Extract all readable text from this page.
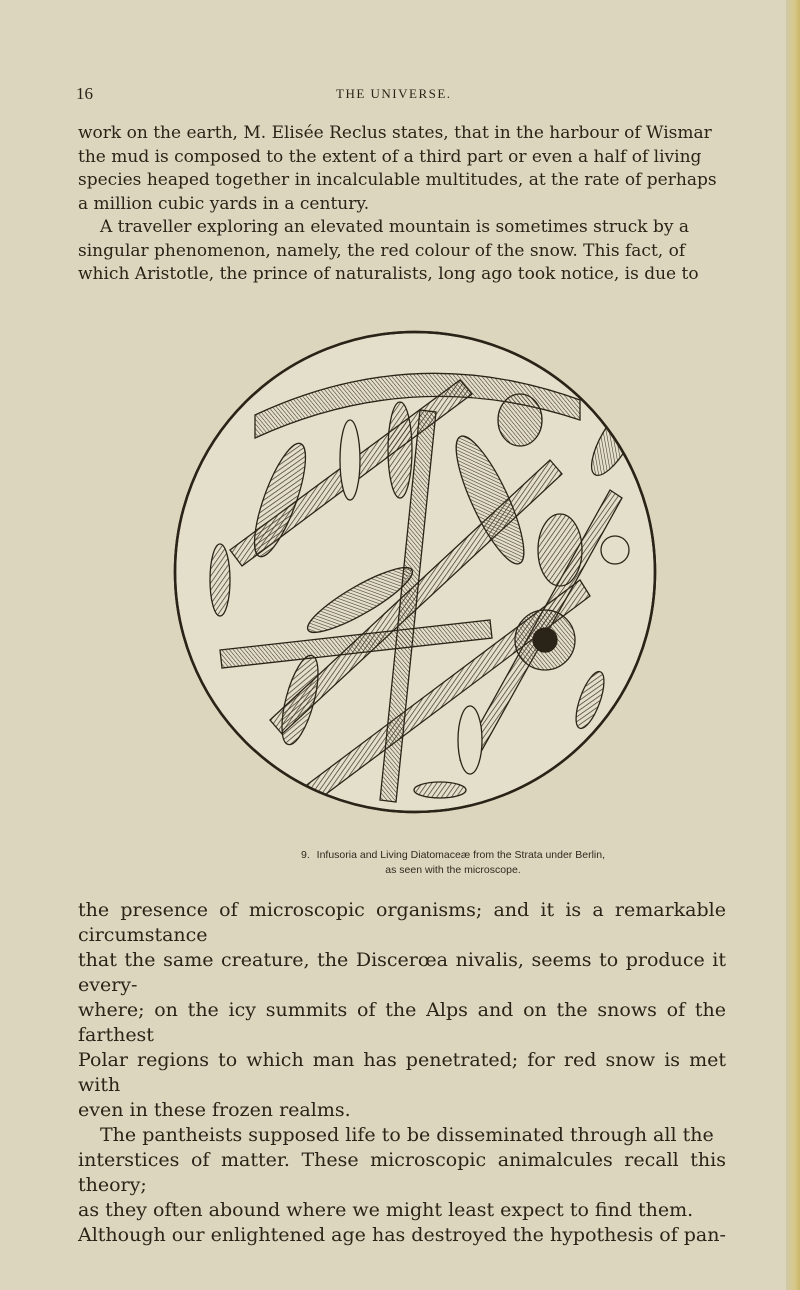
16	THE UNIVERSE.
work on the earth, M. Elisée Reclus states, that in the harbour of Wismar
the mud is composed to the extent of a third part or even a half of living
species heaped together in incalculable multitudes, at the rate of perhaps
a million cubic yards in a century.
A traveller exploring an elevated mountain is sometimes struck by a
singular phenomenon, namely, the red colour of the snow. This fact, of
which Aristotle, the prince of naturalists, long ago took notice, is due to
9. Infusoria and Living Diatomaceæ from the Strata under Berlin,
as seen with the microscope.
the presence of microscopic organisms; and it is a remarkable circumstance
that the same creature, the Discerœa nivalis, seems to produce it every-
where; on the icy summits of the Alps and on the snows of the farthest
Polar regions to which man has penetrated; for red snow is met with
even in these frozen realms.
The pantheists supposed life to be disseminated through all the
interstices of matter. These microscopic animalcules recall this theory;
as they often abound where we might least expect to find them.
Although our enlightened age has destroyed the hypothesis of pan-
